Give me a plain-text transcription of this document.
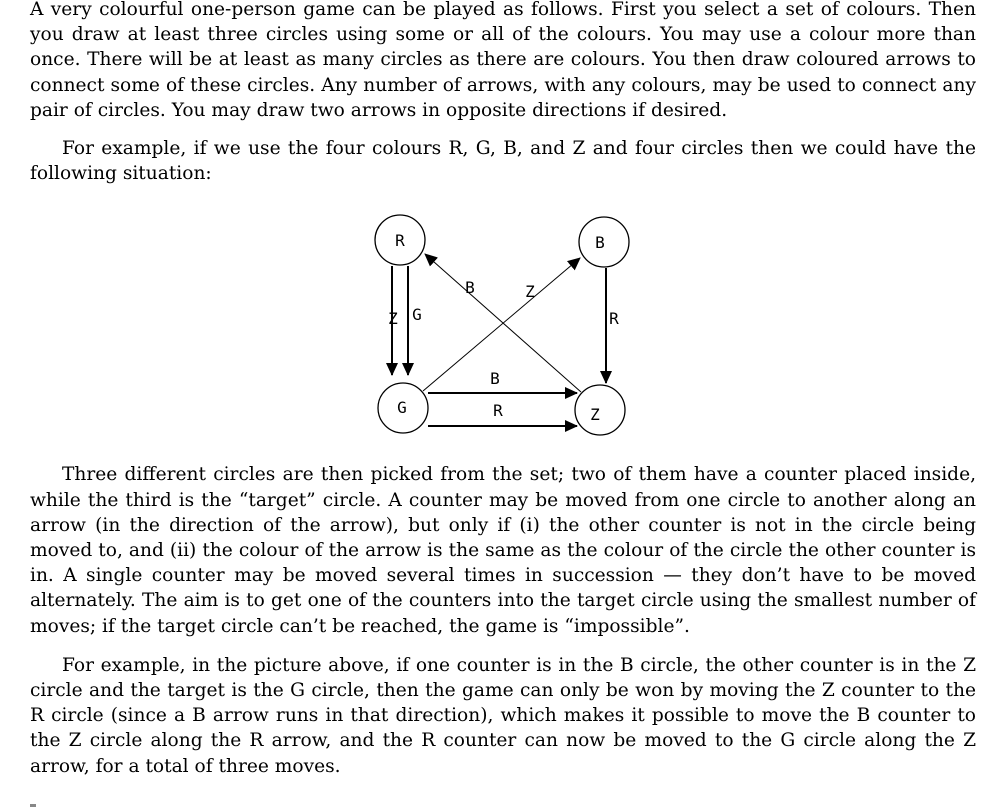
A very colourful one-person game can be played as follows. First you select a set of colours. Then you draw at least three circles using some or all of the colours. You may use a colour more than once. There will be at least as many circles as there are colours. You then draw coloured arrows to connect some of these circles. Any number of arrows, with any colours, may be used to connect any pair of circles. You may draw two arrows in opposite directions if desired.

For example, if we use the four colours R, G, B, and Z and four circles then we could have the following situation:

R	B
G	Z
Z G
B	Z
R
B
R

Three different circles are then picked from the set; two of them have a counter placed inside, while the third is the “target” circle. A counter may be moved from one circle to another along an arrow (in the direction of the arrow), but only if (i) the other counter is not in the circle being moved to, and (ii) the colour of the arrow is the same as the colour of the circle the other counter is in. A single counter may be moved several times in succession — they don’t have to be moved alternately. The aim is to get one of the counters into the target circle using the smallest number of moves; if the target circle can’t be reached, the game is “impossible”.

For example, in the picture above, if one counter is in the B circle, the other counter is in the Z circle and the target is the G circle, then the game can only be won by moving the Z counter to the R circle (since a B arrow runs in that direction), which makes it possible to move the B counter to the Z circle along the R arrow, and the R counter can now be moved to the G circle along the Z arrow, for a total of three moves.
